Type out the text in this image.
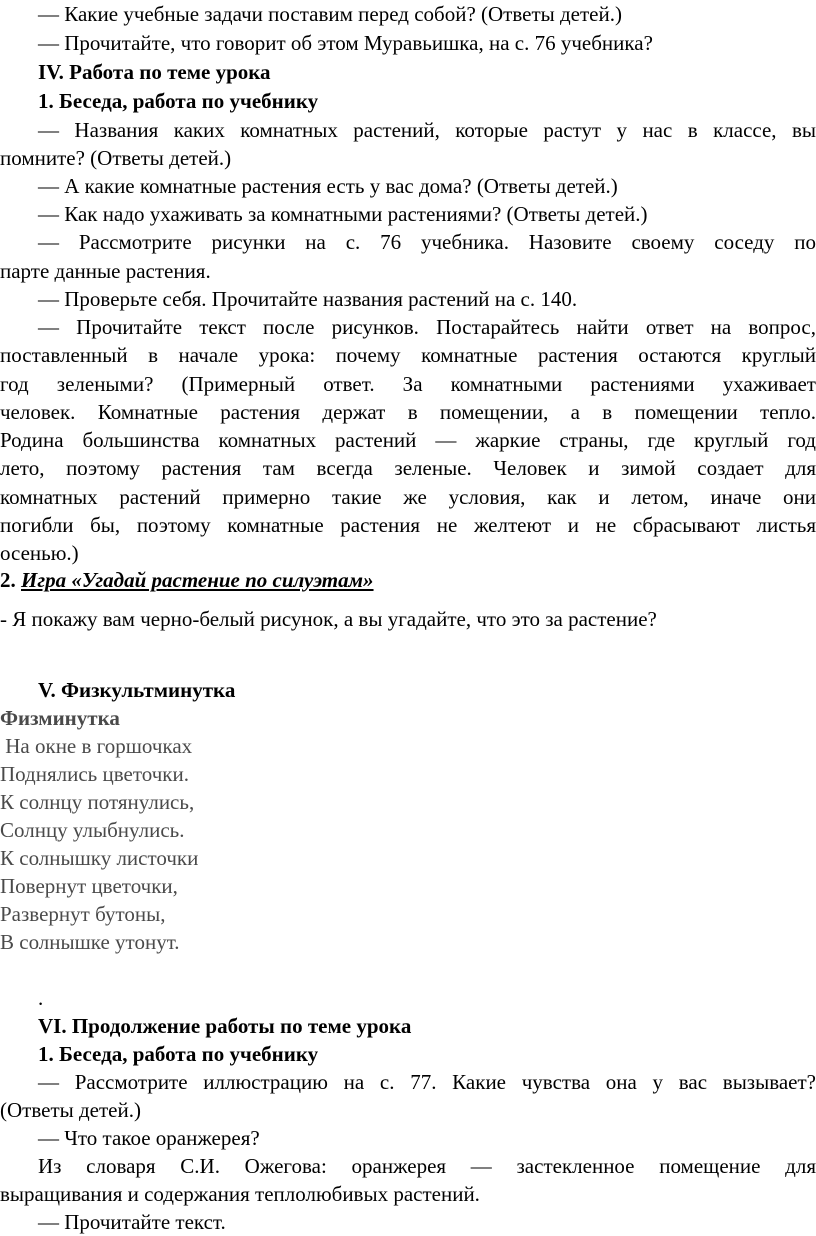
— Какие учебные задачи поставим перед собой? (Ответы детей.)
— Прочитайте, что говорит об этом Муравьишка, на с. 76 учебника?
IV. Работа по теме урока
1. Беседа, работа по учебнику
— Названия каких комнатных растений, которые растут у нас в классе, вы
помните? (Ответы детей.)
— А какие комнатные растения есть у вас дома? (Ответы детей.)
— Как надо ухаживать за комнатными растениями? (Ответы детей.)
— Рассмотрите рисунки на с. 76 учебника. Назовите своему соседу по
парте данные растения.
— Проверьте себя. Прочитайте названия растений на с. 140.
— Прочитайте текст после рисунков. Постарайтесь найти ответ на вопрос,
поставленный в начале урока: почему комнатные растения остаются круглый
год зелеными? (Примерный ответ. За комнатными растениями ухаживает
человек. Комнатные растения держат в помещении, а в помещении тепло.
Родина большинства комнатных растений — жаркие страны, где круглый год
лето, поэтому растения там всегда зеленые. Человек и зимой создает для
комнатных растений примерно такие же условия, как и летом, иначе они
погибли бы, поэтому комнатные растения не желтеют и не сбрасывают листья
осенью.)
2. Игра «Угадай растение по силуэтам»
- Я покажу вам черно-белый рисунок, а вы угадайте, что это за растение?
V. Физкультминутка
Физминутка
На окне в горшочках
Поднялись цветочки.
К солнцу потянулись,
Солнцу улыбнулись.
К солнышку листочки
Повернут цветочки,
Развернут бутоны,
В солнышке утонут.
.
VI. Продолжение работы по теме урока
1. Беседа, работа по учебнику
— Рассмотрите иллюстрацию на с. 77. Какие чувства она у вас вызывает?
(Ответы детей.)
— Что такое оранжерея?
Из словаря С.И. Ожегова: оранжерея — застекленное помещение для
выращивания и содержания теплолюбивых растений.
— Прочитайте текст.
